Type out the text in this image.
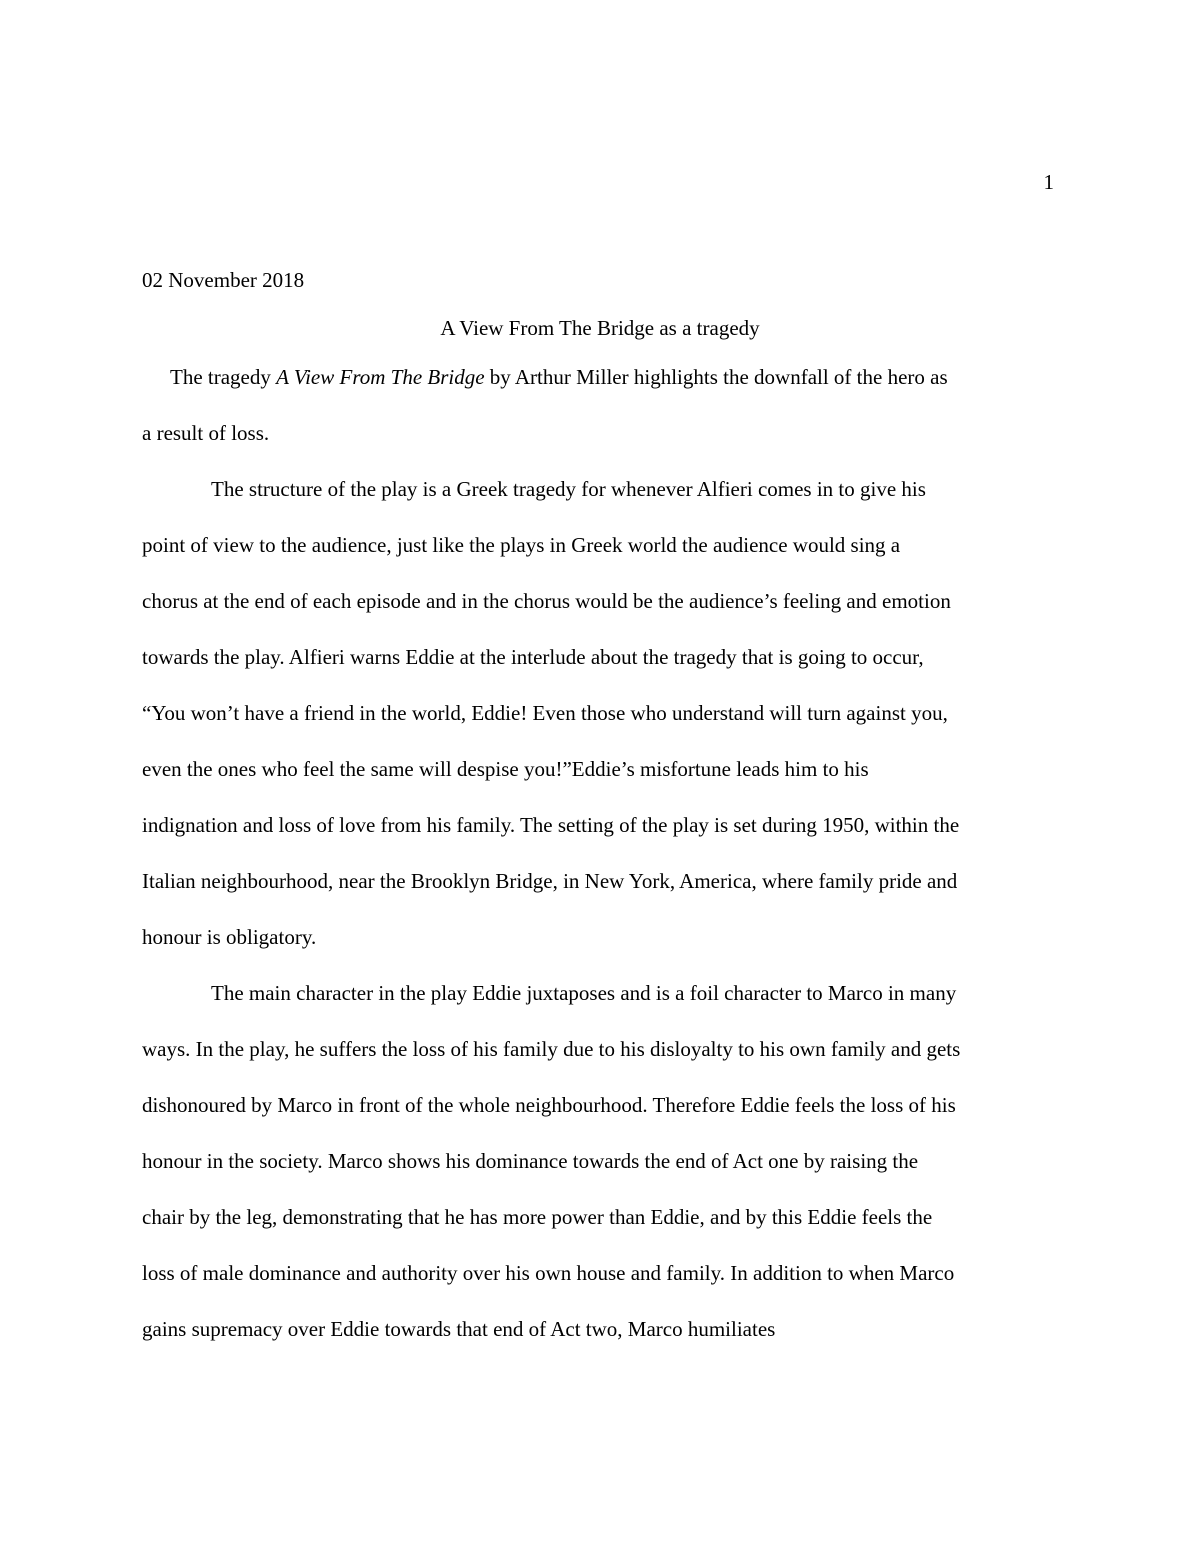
1
02 November 2018
A View From The Bridge as a tragedy
The tragedy A View From The Bridge by Arthur Miller highlights the downfall of the hero as
a result of loss.
The structure of the play is a Greek tragedy for whenever Alfieri comes in to give his
point of view to the audience, just like the plays in Greek world the audience would sing a
chorus at the end of each episode and in the chorus would be the audience’s feeling and emotion
towards the play. Alfieri warns Eddie at the interlude about the tragedy that is going to occur,
“You won’t have a friend in the world, Eddie! Even those who understand will turn against you,
even the ones who feel the same will despise you!”Eddie’s misfortune leads him to his
indignation and loss of love from his family. The setting of the play is set during 1950, within the
Italian neighbourhood, near the Brooklyn Bridge, in New York, America, where family pride and
honour is obligatory.
The main character in the play Eddie juxtaposes and is a foil character to Marco in many
ways. In the play, he suffers the loss of his family due to his disloyalty to his own family and gets
dishonoured by Marco in front of the whole neighbourhood. Therefore Eddie feels the loss of his
honour in the society. Marco shows his dominance towards the end of Act one by raising the
chair by the leg, demonstrating that he has more power than Eddie, and by this Eddie feels the
loss of male dominance and authority over his own house and family. In addition to when Marco
gains supremacy over Eddie towards that end of Act two, Marco humiliates
